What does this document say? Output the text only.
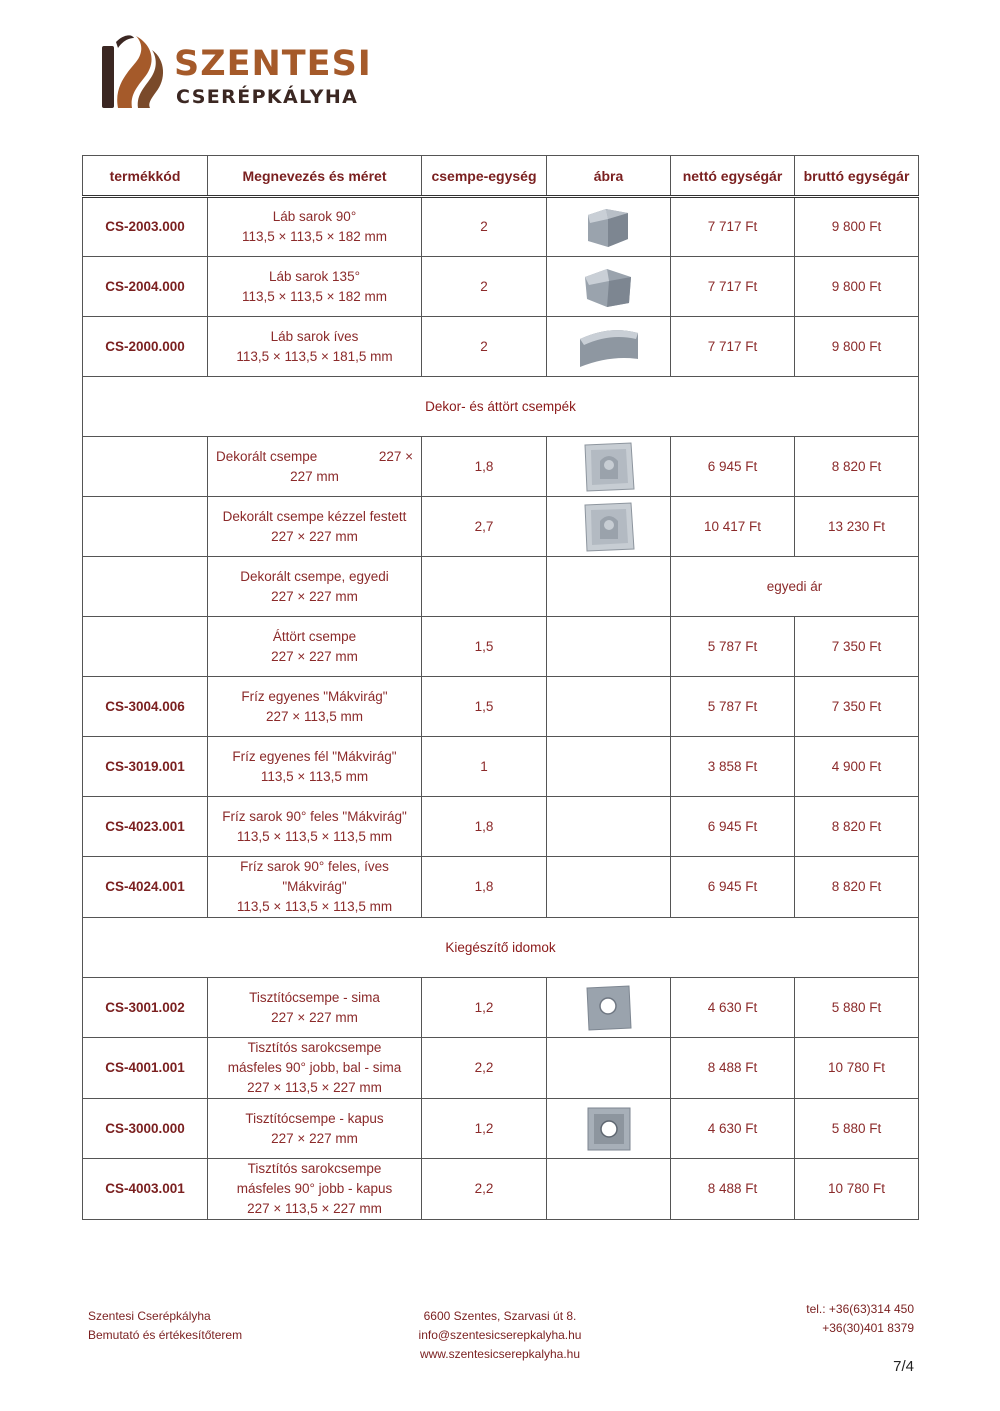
SZENTESI
CSERÉPKÁLYHA
termékkód	Megnevezés és méret	csempe-egység	ábra	nettó egységár	bruttó egységár
CS-2003.000	Láb sarok 90°
113,5 × 113,5 × 182 mm	2		7 717 Ft	9 800 Ft
CS-2004.000	Láb sarok 135°
113,5 × 113,5 × 182 mm	2		7 717 Ft	9 800 Ft
CS-2000.000	Láb sarok íves
113,5 × 113,5 × 181,5 mm	2		7 717 Ft	9 800 Ft
Dekor- és áttört csempék					

	Dekorált csempe 227 ×
227 mm	1,8		6 945 Ft	8 820 Ft

	Dekorált csempe kézzel festett
227 × 227 mm	2,7		10 417 Ft	13 230 Ft

	Dekorált csempe, egyedi
227 × 227 mm			egyedi ár	

	Áttört csempe
227 × 227 mm	1,5		5 787 Ft	7 350 Ft
CS-3004.006	Fríz egyenes "Mákvirág"
227 × 113,5 mm	1,5		5 787 Ft	7 350 Ft
CS-3019.001	Fríz egyenes fél "Mákvirág"
113,5 × 113,5 mm	1		3 858 Ft	4 900 Ft
CS-4023.001	Fríz sarok 90° feles "Mákvirág"
113,5 × 113,5 × 113,5 mm	1,8		6 945 Ft	8 820 Ft
CS-4024.001	Fríz sarok 90° feles, íves
"Mákvirág"
113,5 × 113,5 × 113,5 mm	1,8		6 945 Ft	8 820 Ft
Kiegészítő idomok					
CS-3001.002	Tisztítócsempe - sima
227 × 227 mm	1,2		4 630 Ft	5 880 Ft
CS-4001.001	Tisztítós sarokcsempe
másfeles 90° jobb, bal - sima
227 × 113,5 × 227 mm	2,2		8 488 Ft	10 780 Ft
CS-3000.000	Tisztítócsempe - kapus
227 × 227 mm	1,2		4 630 Ft	5 880 Ft
CS-4003.001	Tisztítós sarokcsempe
másfeles 90° jobb - kapus
227 × 113,5 × 227 mm	2,2		8 488 Ft	10 780 Ft
Szentesi Cserépkályha
Bemutató és értékesítőterem
6600 Szentes, Szarvasi út 8.
info@szentesicserepkalyha.hu
www.szentesicserepkalyha.hu
tel.: +36(63)314 450
+36(30)401 8379
7/4
